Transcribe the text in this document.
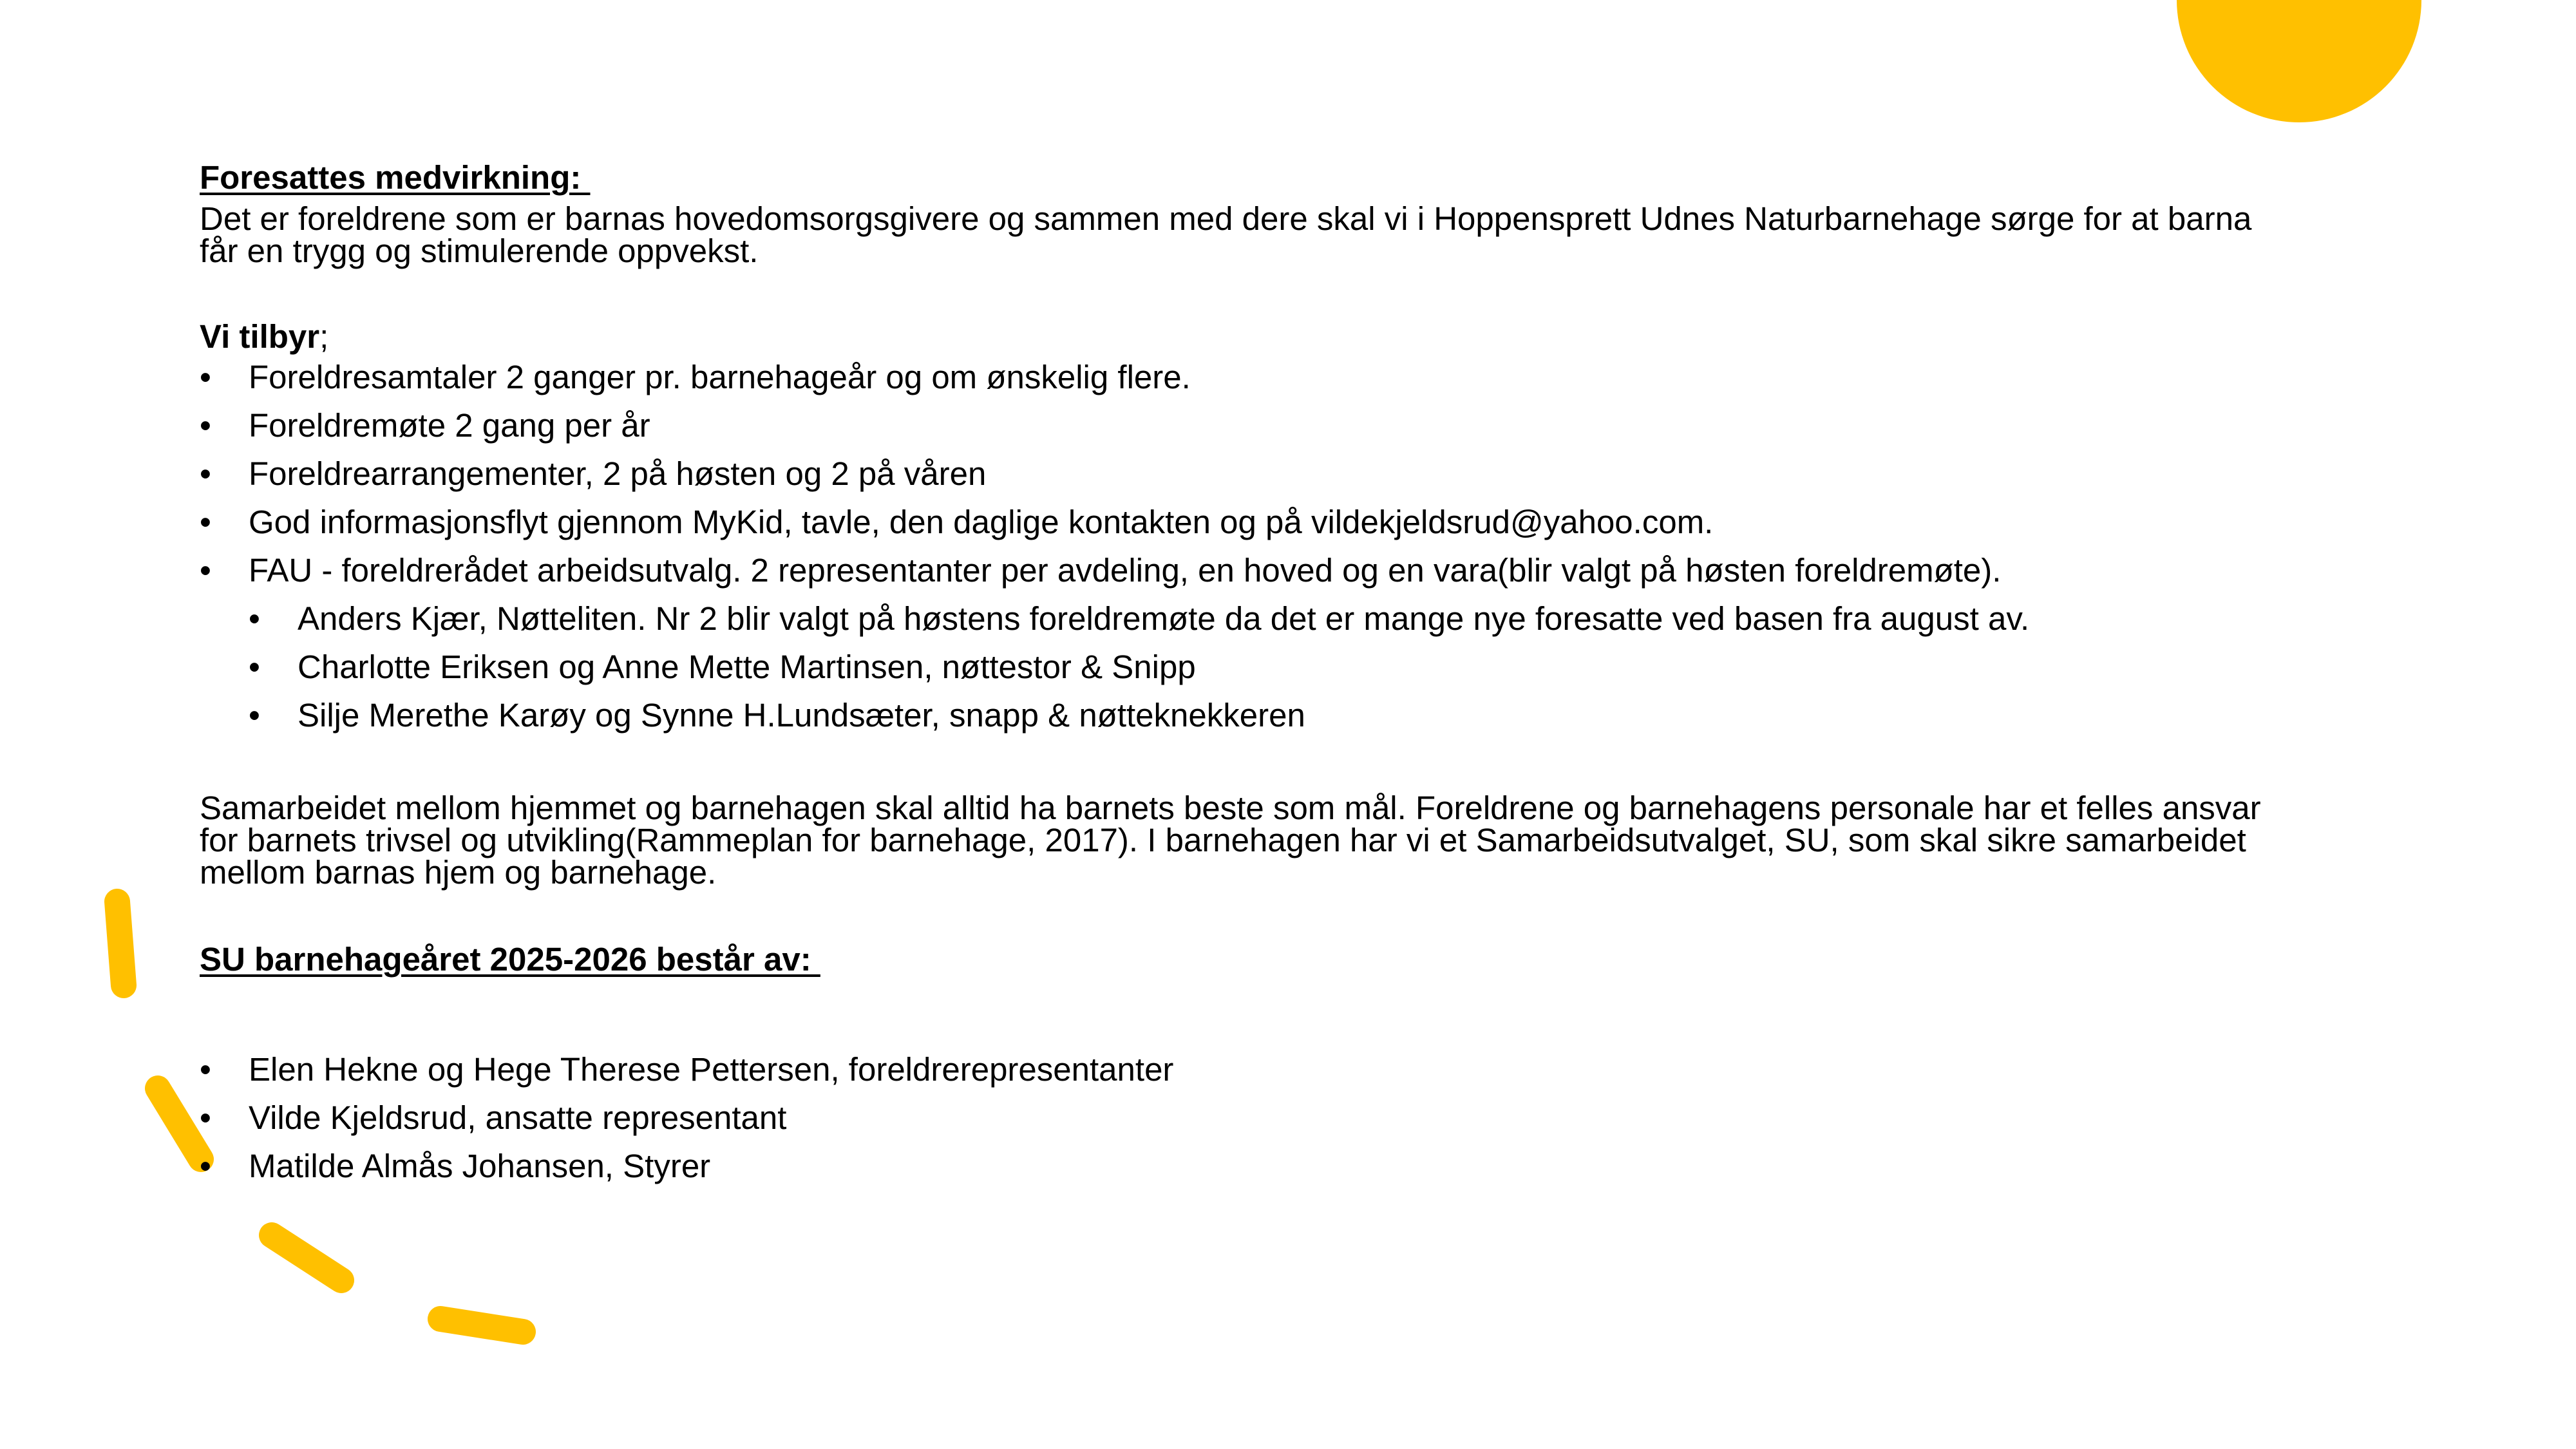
Foresattes medvirkning:

Det er foreldrene som er barnas hovedomsorgsgivere og sammen med dere skal vi i Hoppensprett Udnes Naturbarnehage sørge for at barna
får en trygg og stimulerende oppvekst.

Vi tilbyr;
•	Foreldresamtaler 2 ganger pr. barnehageår og om ønskelig flere.
•	Foreldremøte 2 gang per år
•	Foreldrearrangementer, 2 på høsten og 2 på våren
•	God informasjonsflyt gjennom MyKid, tavle, den daglige kontakten og på vildekjeldsrud@yahoo.com.
•	FAU - foreldrerådet arbeidsutvalg. 2 representanter per avdeling, en hoved og en vara(blir valgt på høsten foreldremøte).
•	Anders Kjær, Nøtteliten. Nr 2 blir valgt på høstens foreldremøte da det er mange nye foresatte ved basen fra august av.
•	Charlotte Eriksen og Anne Mette Martinsen, nøttestor & Snipp
•	Silje Merethe Karøy og Synne H.Lundsæter, snapp & nøtteknekkeren

Samarbeidet mellom hjemmet og barnehagen skal alltid ha barnets beste som mål. Foreldrene og barnehagens personale har et felles ansvar
for barnets trivsel og utvikling(Rammeplan for barnehage, 2017). I barnehagen har vi et Samarbeidsutvalget, SU, som skal sikre samarbeidet
mellom barnas hjem og barnehage.

SU barnehageåret 2025-2026 består av:
•	Elen Hekne og Hege Therese Pettersen, foreldrerepresentanter
•	Vilde Kjeldsrud, ansatte representant
•	Matilde Almås Johansen, Styrer
